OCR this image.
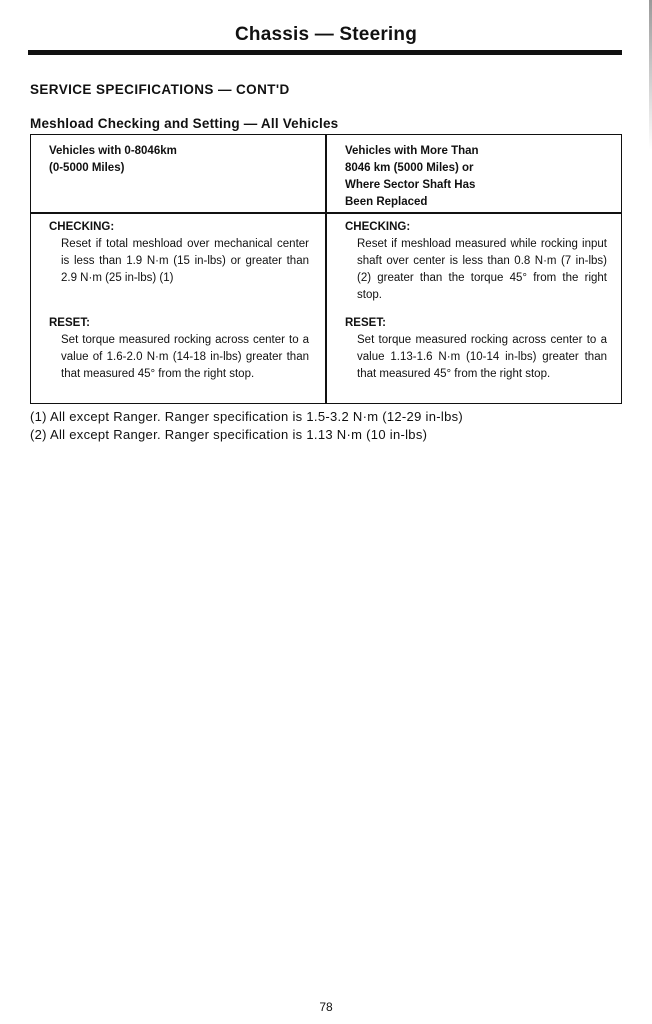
Chassis — Steering
SERVICE SPECIFICATIONS — CONT'D
Meshload Checking and Setting — All Vehicles
Vehicles with 0-8046km
(0-5000 Miles)
Vehicles with More Than
8046 km (5000 Miles) or
Where Sector Shaft Has
Been Replaced
CHECKING:
Reset if total meshload over mechanical center is less than 1.9 N·m (15 in-lbs) or greater than 2.9 N·m (25 in-lbs) (1)
CHECKING:
Reset if meshload measured while rocking input shaft over center is less than 0.8 N·m (7 in-lbs) (2) greater than the torque 45° from the right stop.
RESET:
Set torque measured rocking across center to a value of 1.6-2.0 N·m (14-18 in-lbs) greater than that measured 45° from the right stop.
RESET:
Set torque measured rocking across center to a value 1.13-1.6 N·m (10-14 in-lbs) greater than that measured 45° from the right stop.
(1) All except Ranger. Ranger specification is 1.5-3.2 N·m (12-29 in-lbs)
(2) All except Ranger. Ranger specification is 1.13 N·m (10 in-lbs)
78
